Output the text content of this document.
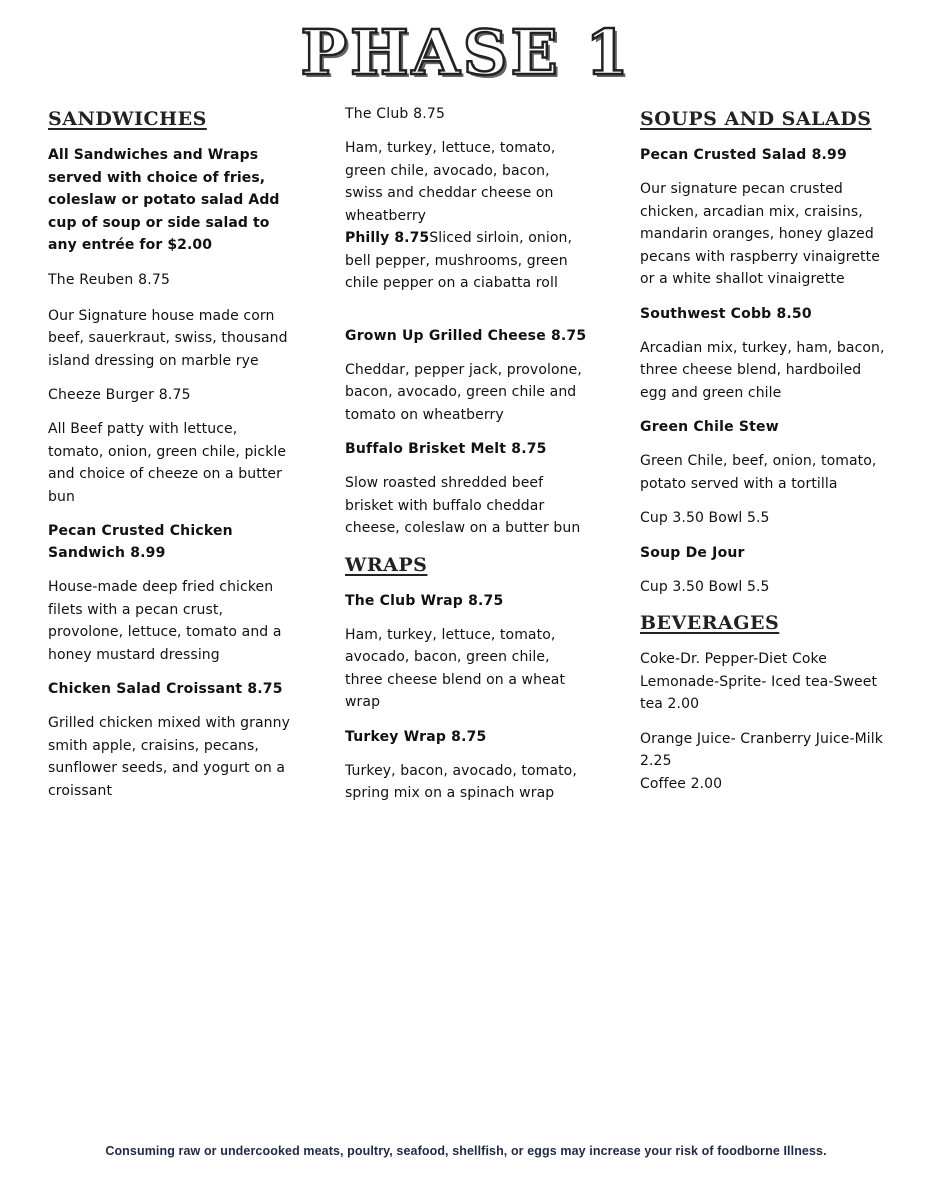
PHASE 1
SANDWICHES

All Sandwiches and Wraps served with choice of fries, coleslaw or potato salad Add cup of soup or side salad to any entrée for $2.00

The Reuben 8.75

Our Signature house made corn beef, sauerkraut, swiss, thousand island dressing on marble rye

Cheeze Burger 8.75

All Beef patty with lettuce, tomato, onion, green chile, pickle and choice of cheeze on a butter bun

Pecan Crusted Chicken Sandwich 8.99

House-made deep fried chicken filets with a pecan crust, provolone, lettuce, tomato and a honey mustard dressing

Chicken Salad Croissant 8.75

Grilled chicken mixed with granny smith apple, craisins, pecans, sunflower seeds, and yogurt on a croissant

The Club 8.75

Ham, turkey, lettuce, tomato, green chile, avocado, bacon, swiss and cheddar cheese on wheatberry

Philly 8.75Sliced sirloin, onion, bell pepper, mushrooms, green chile pepper on a ciabatta roll

Grown Up Grilled Cheese 8.75

Cheddar, pepper jack, provolone, bacon, avocado, green chile and tomato on wheatberry

Buffalo Brisket Melt 8.75

Slow roasted shredded beef brisket with buffalo cheddar cheese, coleslaw on a butter bun

WRAPS

The Club Wrap 8.75

Ham, turkey, lettuce, tomato, avocado, bacon, green chile, three cheese blend on a wheat wrap

Turkey Wrap 8.75

Turkey, bacon, avocado, tomato, spring mix on a spinach wrap

SOUPS AND SALADS

Pecan Crusted Salad 8.99

Our signature pecan crusted chicken, arcadian mix, craisins, mandarin oranges, honey glazed pecans with raspberry vinaigrette or a white shallot vinaigrette

Southwest Cobb 8.50

Arcadian mix, turkey, ham, bacon, three cheese blend, hardboiled egg and green chile

Green Chile Stew

Green Chile, beef, onion, tomato, potato served with a tortilla

Cup 3.50 Bowl 5.5

Soup De Jour

Cup 3.50 Bowl 5.5

BEVERAGES

Coke-Dr. Pepper-Diet Coke Lemonade-Sprite- Iced tea-Sweet tea 2.00

Orange Juice- Cranberry Juice-Milk 2.25

Coffee 2.00

Consuming raw or undercooked meats, poultry, seafood, shellfish, or eggs may increase your risk of foodborne Illness.
